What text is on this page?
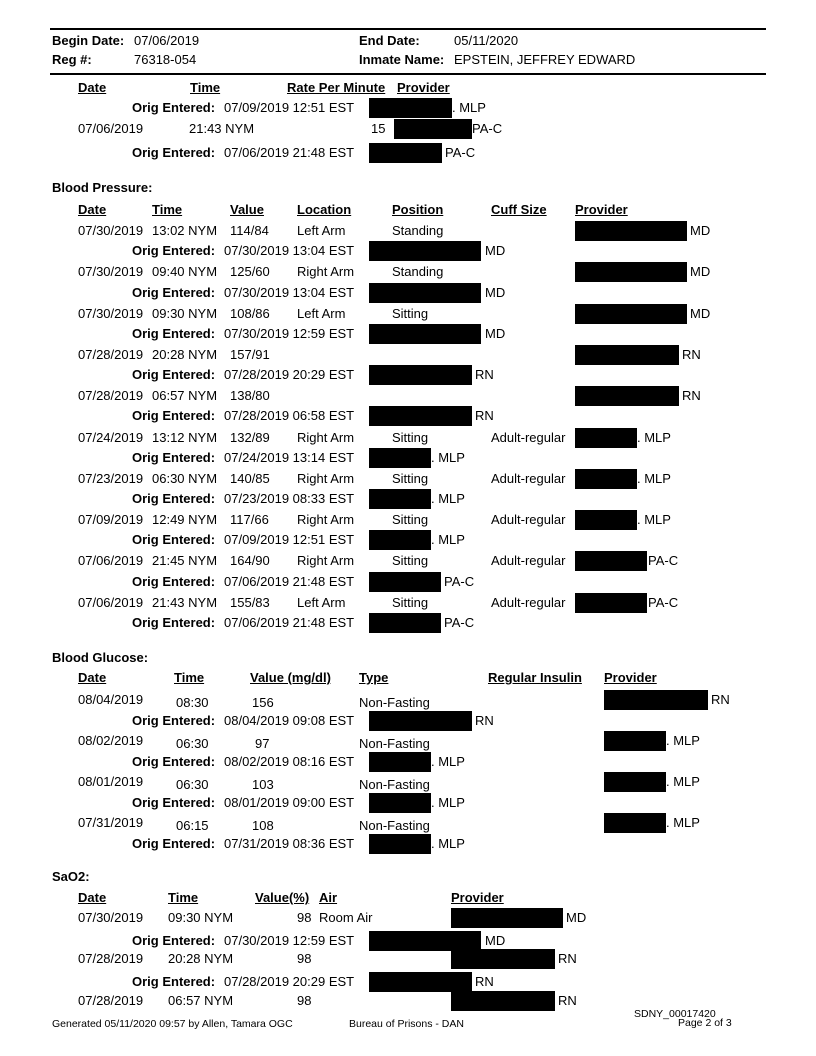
Begin Date: 07/06/2019
Reg #:	76318-054
End Date:	05/11/2020
Inmate Name: EPSTEIN, JEFFREY EDWARD
Date	Time	Rate Per Minute Provider
Orig Entered: 07/09/2019 12:51 EST	. MLP
07/06/2019	21:43 NYM	15	PA-C
Orig Entered: 07/06/2019 21:48 EST	PA-C
Blood Pressure:
Date	Time	Value	Location	Position	Cuff Size Provider
07/30/2019 13:02 NYM 114/84 Left Arm	Standing	MD
Orig Entered: 07/30/2019 13:04 EST	MD
07/30/2019 09:40 NYM 125/60 Right Arm	Standing	MD
Orig Entered: 07/30/2019 13:04 EST	MD
07/30/2019 09:30 NYM 108/86 Left Arm	Sitting	MD
Orig Entered: 07/30/2019 12:59 EST	MD
07/28/2019 20:28 NYM 157/91	RN
Orig Entered: 07/28/2019 20:29 EST	RN
07/28/2019 06:57 NYM 138/80	RN
Orig Entered: 07/28/2019 06:58 EST	RN
07/24/2019 13:12 NYM 132/89 Right Arm	Sitting	Adult-regular	. MLP
Orig Entered: 07/24/2019 13:14 EST	. MLP
07/23/2019 06:30 NYM 140/85 Right Arm	Sitting	Adult-regular	. MLP
Orig Entered: 07/23/2019 08:33 EST	. MLP
07/09/2019 12:49 NYM 117/66 Right Arm	Sitting	Adult-regular	. MLP
Orig Entered: 07/09/2019 12:51 EST	. MLP
07/06/2019 21:45 NYM 164/90 Right Arm	Sitting	Adult-regular	PA-C
Orig Entered: 07/06/2019 21:48 EST	PA-C
07/06/2019 21:43 NYM 155/83 Left Arm	Sitting	Adult-regular	PA-C
Orig Entered: 07/06/2019 21:48 EST	PA-C
Blood Glucose:
Date	Time	Value (mg/dl) Type	Regular Insulin Provider
08/04/2019	08:30	156	Non-Fasting	RN
Orig Entered: 08/04/2019 09:08 EST	RN
08/02/2019	06:30	97	Non-Fasting	. MLP
Orig Entered: 08/02/2019 08:16 EST	. MLP
08/01/2019	06:30	103	Non-Fasting	. MLP
Orig Entered: 08/01/2019 09:00 EST	. MLP
07/31/2019	06:15	108	Non-Fasting	. MLP
Orig Entered: 07/31/2019 08:36 EST	. MLP
SaO2:
Date	Time	Value(%) Air	Provider
07/30/2019 09:30 NYM	98 Room Air	MD
Orig Entered: 07/30/2019 12:59 EST	MD
07/28/2019 20:28 NYM	98	RN
Orig Entered: 07/28/2019 20:29 EST	RN
07/28/2019 06:57 NYM	98	RN
Generated 05/11/2020 09:57 by Allen, Tamara OGC	Bureau of Prisons - DAN
SDNY_00017420
Page 2 of 3
